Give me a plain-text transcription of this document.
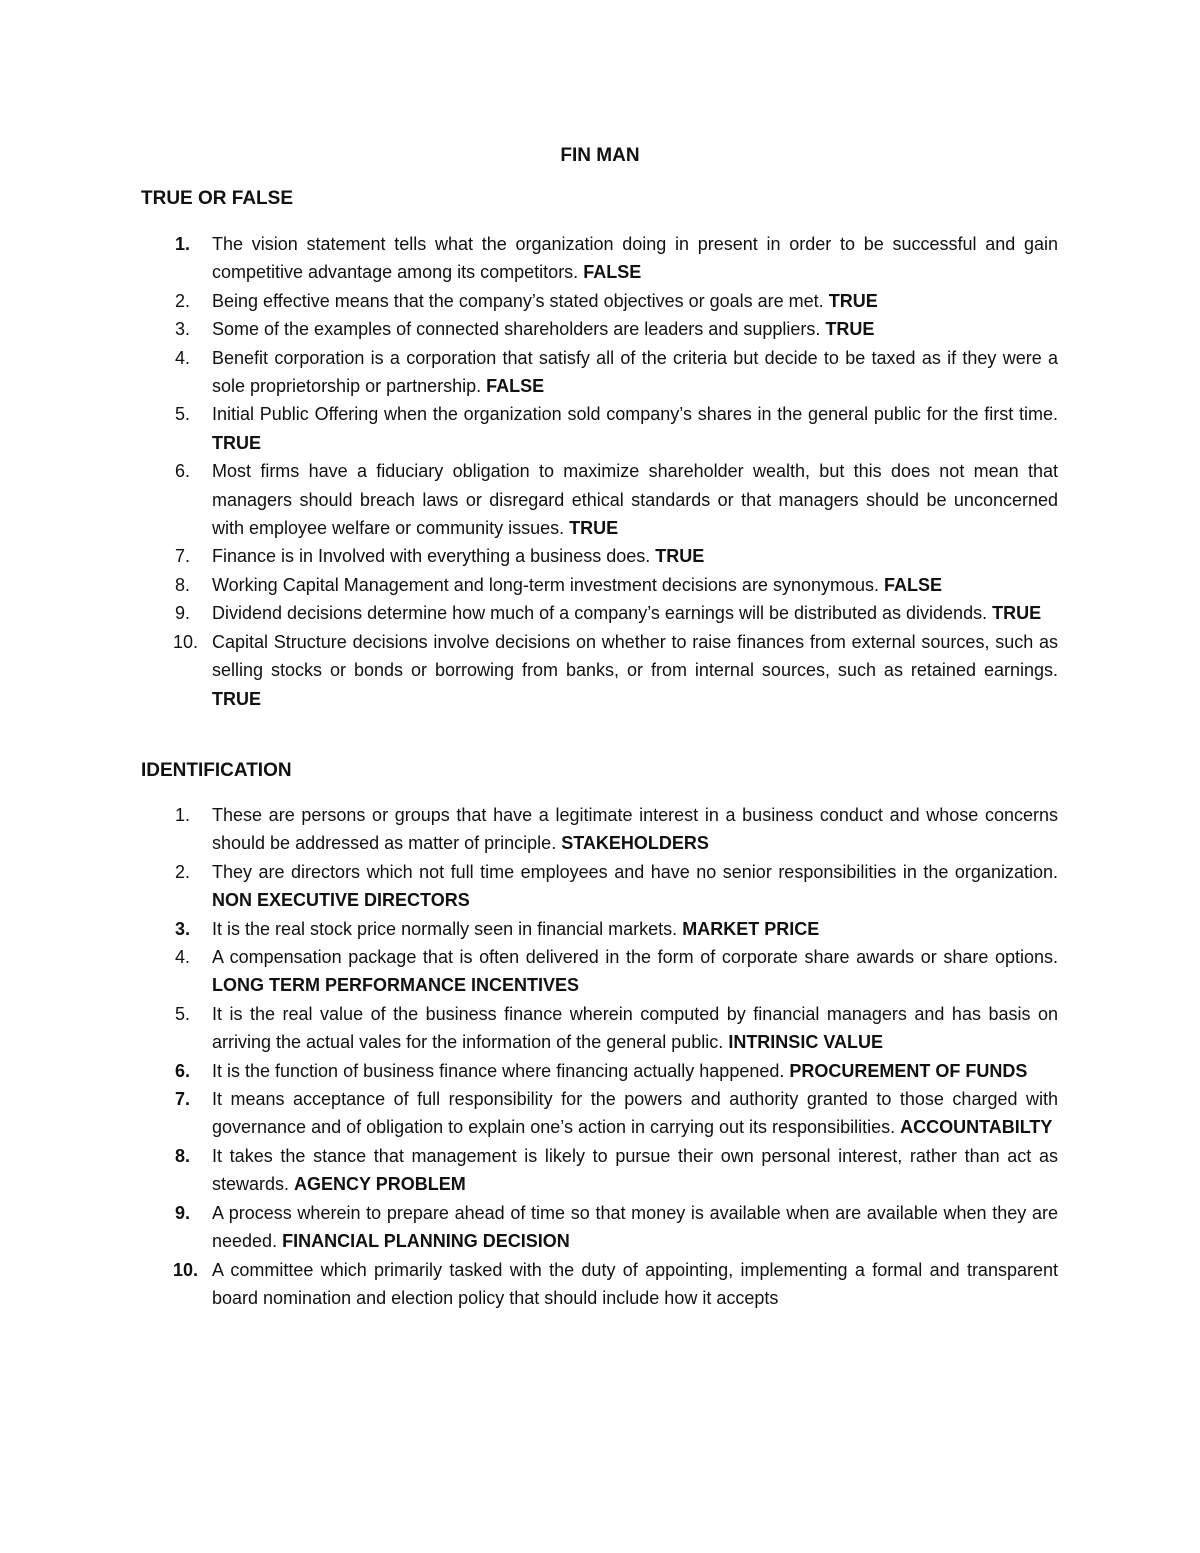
FIN MAN
TRUE OR FALSE
1.	The vision statement tells what the organization doing in present in order to be successful and gain competitive advantage among its competitors. FALSE
2.	Being effective means that the company’s stated objectives or goals are met. TRUE
3.	Some of the examples of connected shareholders are leaders and suppliers. TRUE
4.	Benefit corporation is a corporation that satisfy all of the criteria but decide to be taxed as if they were a sole proprietorship or partnership. FALSE
5.	Initial Public Offering when the organization sold company’s shares in the general public for the first time. TRUE
6.	Most firms have a fiduciary obligation to maximize shareholder wealth, but this does not mean that managers should breach laws or disregard ethical standards or that managers should be unconcerned with employee welfare or community issues. TRUE
7.	Finance is in Involved with everything a business does. TRUE
8.	Working Capital Management and long-term investment decisions are synonymous. FALSE
9.	Dividend decisions determine how much of a company’s earnings will be distributed as dividends. TRUE
10. Capital Structure decisions involve decisions on whether to raise finances from external sources, such as selling stocks or bonds or borrowing from banks, or from internal sources, such as retained earnings. TRUE
IDENTIFICATION
1.	These are persons or groups that have a legitimate interest in a business conduct and whose concerns should be addressed as matter of principle. STAKEHOLDERS
2.	They are directors which not full time employees and have no senior responsibilities in the organization. NON EXECUTIVE DIRECTORS
3.	It is the real stock price normally seen in financial markets. MARKET PRICE
4.	A compensation package that is often delivered in the form of corporate share awards or share options. LONG TERM PERFORMANCE INCENTIVES
5.	It is the real value of the business finance wherein computed by financial managers and has basis on arriving the actual vales for the information of the general public. INTRINSIC VALUE
6.	It is the function of business finance where financing actually happened. PROCUREMENT OF FUNDS
7.	It means acceptance of full responsibility for the powers and authority granted to those charged with governance and of obligation to explain one’s action in carrying out its responsibilities. ACCOUNTABILTY
8.	It takes the stance that management is likely to pursue their own personal interest, rather than act as stewards. AGENCY PROBLEM
9.	A process wherein to prepare ahead of time so that money is available when are available when they are needed. FINANCIAL PLANNING DECISION
10. A committee which primarily tasked with the duty of appointing, implementing a formal and transparent board nomination and election policy that should include how it accepts
